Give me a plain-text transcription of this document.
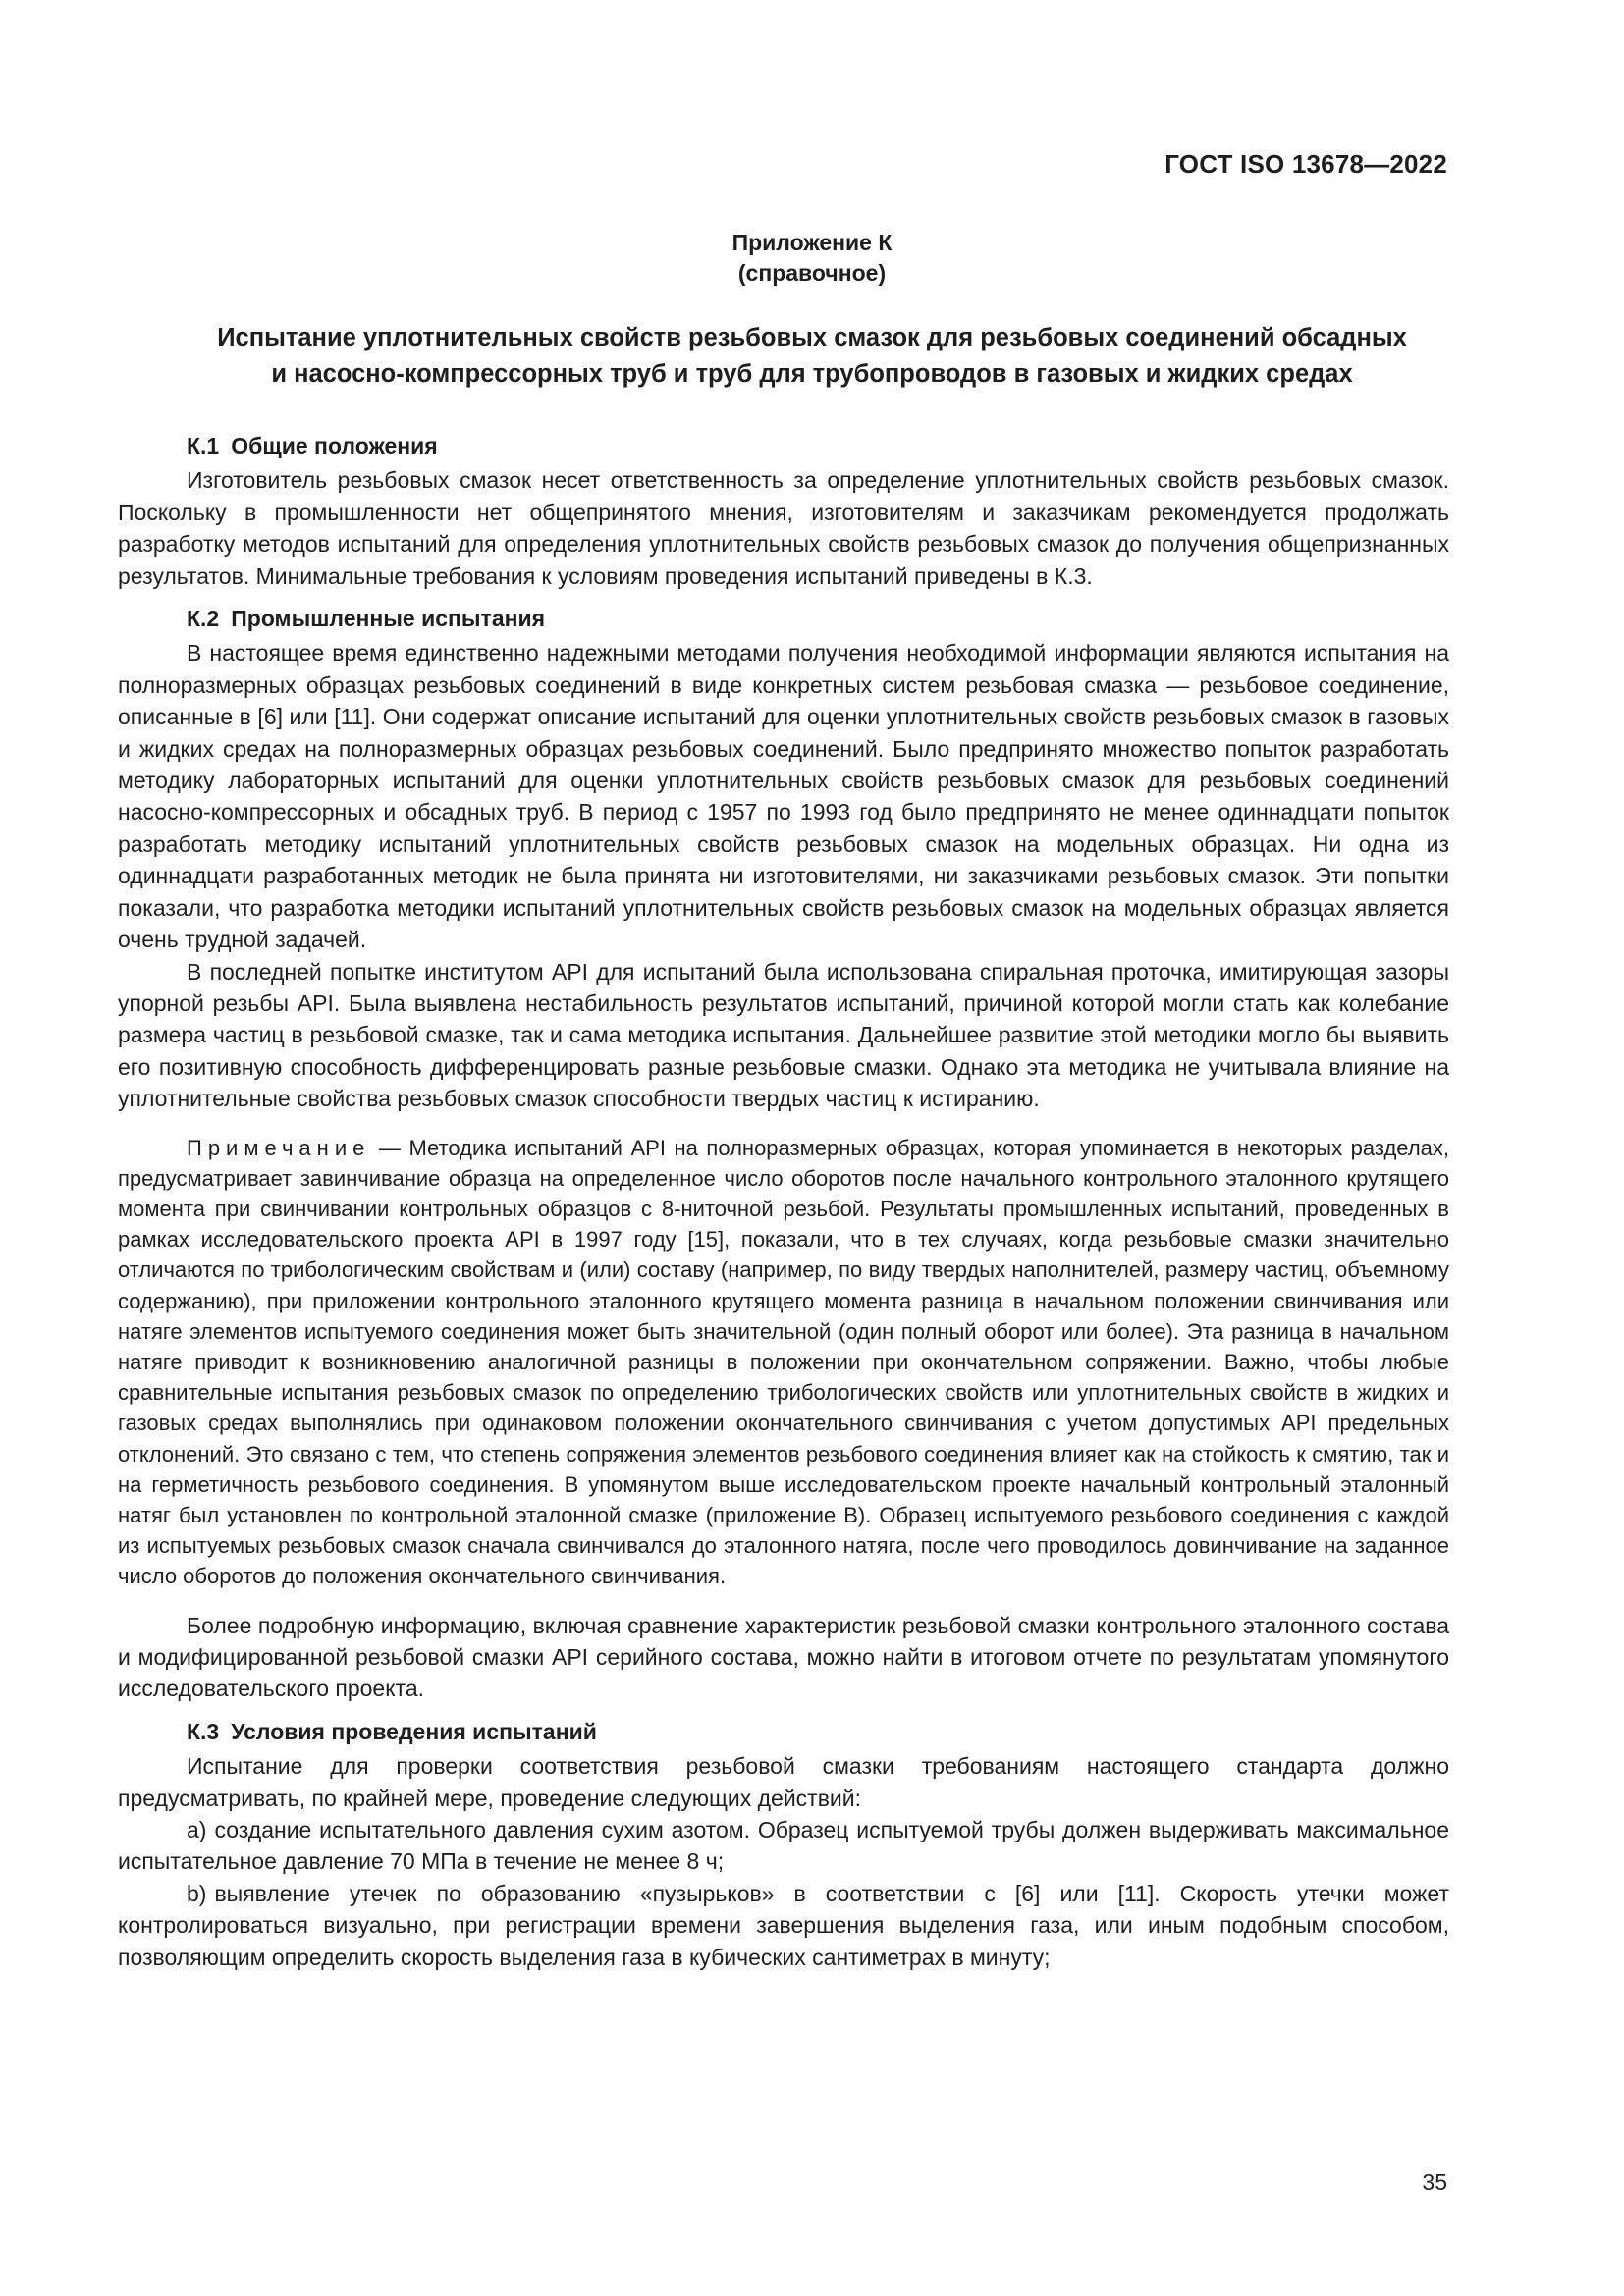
ГОСТ ISO 13678—2022
Приложение К
(справочное)
Испытание уплотнительных свойств резьбовых смазок для резьбовых соединений обсадных
и насосно-компрессорных труб и труб для трубопроводов в газовых и жидких средах
К.1 Общие положения

Изготовитель резьбовых смазок несет ответственность за определение уплотнительных свойств резьбовых смазок. Поскольку в промышленности нет общепринятого мнения, изготовителям и заказчикам рекомендуется продолжать разработку методов испытаний для определения уплотнительных свойств резьбовых смазок до получения общепризнанных результатов. Минимальные требования к условиям проведения испытаний приведены в К.3.

К.2 Промышленные испытания

В настоящее время единственно надежными методами получения необходимой информации являются испытания на полноразмерных образцах резьбовых соединений в виде конкретных систем резьбовая смазка — резьбовое соединение, описанные в [6] или [11]. Они содержат описание испытаний для оценки уплотнительных свойств резьбовых смазок в газовых и жидких средах на полноразмерных образцах резьбовых соединений. Было предпринято множество попыток разработать методику лабораторных испытаний для оценки уплотнительных свойств резьбовых смазок для резьбовых соединений насосно-компрессорных и обсадных труб. В период с 1957 по 1993 год было предпринято не менее одиннадцати попыток разработать методику испытаний уплотнительных свойств резьбовых смазок на модельных образцах. Ни одна из одиннадцати разработанных методик не была принята ни изготовителями, ни заказчиками резьбовых смазок. Эти попытки показали, что разработка методики испытаний уплотнительных свойств резьбовых смазок на модельных образцах является очень трудной задачей.

В последней попытке институтом API для испытаний была использована спиральная проточка, имитирующая зазоры упорной резьбы API. Была выявлена нестабильность результатов испытаний, причиной которой могли стать как колебание размера частиц в резьбовой смазке, так и сама методика испытания. Дальнейшее развитие этой методики могло бы выявить его позитивную способность дифференцировать разные резьбовые смазки. Однако эта методика не учитывала влияние на уплотнительные свойства резьбовых смазок способности твердых частиц к истиранию.

Примечание — Методика испытаний API на полноразмерных образцах, которая упоминается в некоторых разделах, предусматривает завинчивание образца на определенное число оборотов после начального контрольного эталонного крутящего момента при свинчивании контрольных образцов с 8-ниточной резьбой. Результаты промышленных испытаний, проведенных в рамках исследовательского проекта API в 1997 году [15], показали, что в тех случаях, когда резьбовые смазки значительно отличаются по трибологическим свойствам и (или) составу (например, по виду твердых наполнителей, размеру частиц, объемному содержанию), при приложении контрольного эталонного крутящего момента разница в начальном положении свинчивания или натяге элементов испытуемого соединения может быть значительной (один полный оборот или более). Эта разница в начальном натяге приводит к возникновению аналогичной разницы в положении при окончательном сопряжении. Важно, чтобы любые сравнительные испытания резьбовых смазок по определению трибологических свойств или уплотнительных свойств в жидких и газовых средах выполнялись при одинаковом положении окончательного свинчивания с учетом допустимых API предельных отклонений. Это связано с тем, что степень сопряжения элементов резьбового соединения влияет как на стойкость к смятию, так и на герметичность резьбового соединения. В упомянутом выше исследовательском проекте начальный контрольный эталонный натяг был установлен по контрольной эталонной смазке (приложение В). Образец испытуемого резьбового соединения с каждой из испытуемых резьбовых смазок сначала свинчивался до эталонного натяга, после чего проводилось довинчивание на заданное число оборотов до положения окончательного свинчивания.

Более подробную информацию, включая сравнение характеристик резьбовой смазки контрольного эталонного состава и модифицированной резьбовой смазки API серийного состава, можно найти в итоговом отчете по результатам упомянутого исследовательского проекта.

К.3 Условия проведения испытаний

Испытание для проверки соответствия резьбовой смазки требованиям настоящего стандарта должно предусматривать, по крайней мере, проведение следующих действий:

a) создание испытательного давления сухим азотом. Образец испытуемой трубы должен выдерживать максимальное испытательное давление 70 МПа в течение не менее 8 ч;

b) выявление утечек по образованию «пузырьков» в соответствии с [6] или [11]. Скорость утечки может контролироваться визуально, при регистрации времени завершения выделения газа, или иным подобным способом, позволяющим определить скорость выделения газа в кубических сантиметрах в минуту;

35
